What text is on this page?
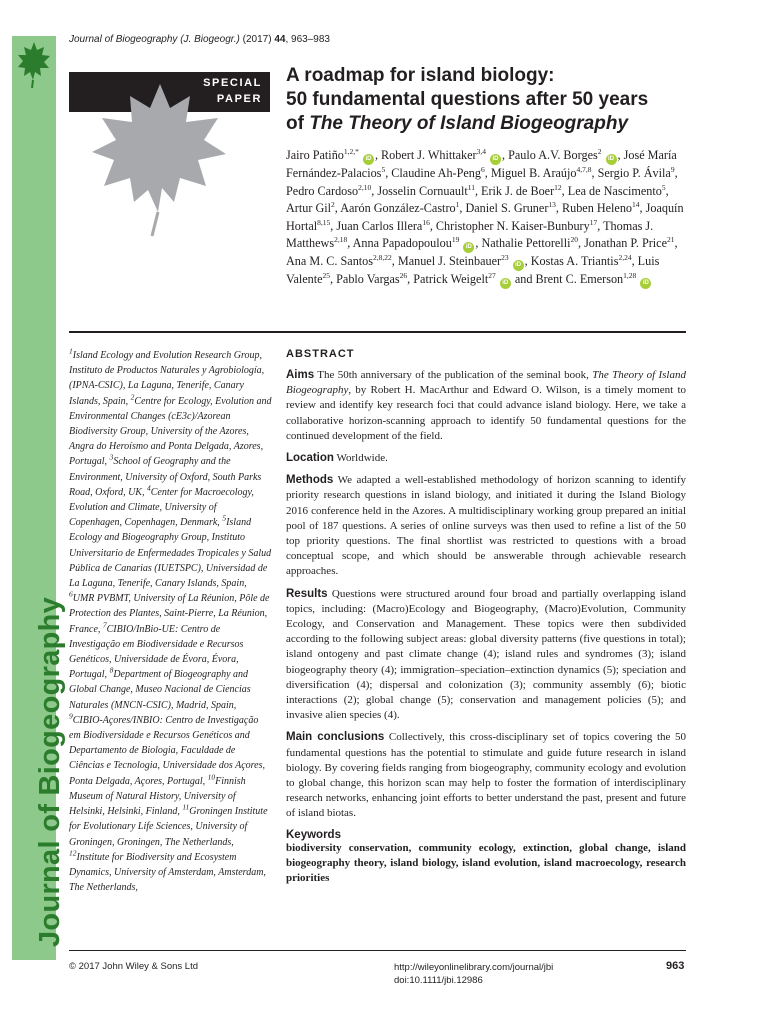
Journal of Biogeography
Journal of Biogeography (J. Biogeogr.) (2017) 44, 963–983
SPECIAL
PAPER
A roadmap for island biology:
50 fundamental questions after 50 years
of The Theory of Island Biogeography
Jairo Patiño$^{1,2,*}$ iD , Robert J. Whittaker$^{3,4}$ iD , Paulo A.V. Borges$^2$ iD , José María Fernández-Palacios$^5$, Claudine Ah-Peng$^6$, Miguel B. Araújo$^{4,7,8}$, Sergio P. Ávila$^9$, Pedro Cardoso$^{2,10}$, Josselin Cornuault$^{11}$, Erik J. de Boer$^{12}$, Lea de Nascimento$^5$, Artur Gil$^2$, Aarón González-Castro$^1$, Daniel S. Gruner$^{13}$, Ruben Heleno$^{14}$, Joaquín Hortal$^{8,15}$, Juan Carlos Illera$^{16}$, Christopher N. Kaiser-Bunbury$^{17}$, Thomas J. Matthews$^{2,18}$, Anna Papadopoulou$^{19}$ iD , Nathalie Pettorelli$^{20}$, Jonathan P. Price$^{21}$, Ana M. C. Santos$^{2,8,22}$, Manuel J. Steinbauer$^{23}$ iD , Kostas A. Triantis$^{2,24}$, Luis Valente$^{25}$, Pablo Vargas$^{26}$, Patrick Weigelt$^{27}$ iD and Brent C. Emerson$^{1,28}$ iD
$^1$Island Ecology and Evolution Research Group, Instituto de Productos Naturales y Agrobiología, (IPNA-CSIC), La Laguna, Tenerife, Canary Islands, Spain, $^2$Centre for Ecology, Evolution and Environmental Changes (cE3c)/Azorean Biodiversity Group, University of the Azores, Angra do Heroísmo and Ponta Delgada, Azores, Portugal, $^3$School of Geography and the Environment, University of Oxford, South Parks Road, Oxford, UK, $^4$Center for Macroecology, Evolution and Climate, University of Copenhagen, Copenhagen, Denmark, $^5$Island Ecology and Biogeography Group, Instituto Universitario de Enfermedades Tropicales y Salud Pública de Canarias (IUETSPC), Universidad de La Laguna, Tenerife, Canary Islands, Spain, $^6$UMR PVBMT, University of La Réunion, Pôle de Protection des Plantes, Saint-Pierre, La Réunion, France, $^7$CIBIO/InBio-UE: Centro de Investigação em Biodiversidade e Recursos Genéticos, Universidade de Évora, Évora, Portugal, $^8$Department of Biogeography and Global Change, Museo Nacional de Ciencias Naturales (MNCN-CSIC), Madrid, Spain, $^9$CIBIO-Açores/INBIO: Centro de Investigação em Biodiversidade e Recursos Genéticos and Departamento de Biologia, Faculdade de Ciências e Tecnologia, Universidade dos Açores, Ponta Delgada, Açores, Portugal, $^{10}$Finnish Museum of Natural History, University of Helsinki, Helsinki, Finland, $^{11}$Groningen Institute for Evolutionary Life Sciences, University of Groningen, Groningen, The Netherlands, $^{12}$Institute for Biodiversity and Ecosystem Dynamics, University of Amsterdam, Amsterdam, The Netherlands,
ABSTRACT

Aims The 50th anniversary of the publication of the seminal book, The Theory of Island Biogeography, by Robert H. MacArthur and Edward O. Wilson, is a timely moment to review and identify key research foci that could advance island biology. Here, we take a collaborative horizon-scanning approach to identify 50 fundamental questions for the continued development of the field.

Location Worldwide.

Methods We adapted a well-established methodology of horizon scanning to identify priority research questions in island biology, and initiated it during the Island Biology 2016 conference held in the Azores. A multidisciplinary working group prepared an initial pool of 187 questions. A series of online surveys was then used to refine a list of the 50 top priority questions. The final shortlist was restricted to questions with a broad conceptual scope, and which should be answerable through achievable research approaches.

Results Questions were structured around four broad and partially overlapping island topics, including: (Macro)Ecology and Biogeography, (Macro)Evolution, Community Ecology, and Conservation and Management. These topics were then subdivided according to the following subject areas: global diversity patterns (five questions in total); island ontogeny and past climate change (4); island rules and syndromes (3); island biogeography theory (4); immigration–speciation–extinction dynamics (5); speciation and diversification (4); dispersal and colonization (3); community assembly (6); biotic interactions (2); global change (5); conservation and management policies (5); and invasive alien species (4).

Main conclusions Collectively, this cross-disciplinary set of topics covering the 50 fundamental questions has the potential to stimulate and guide future research in island biology. By covering fields ranging from biogeography, community ecology and evolution to global change, this horizon scan may help to foster the formation of interdisciplinary research networks, enhancing joint efforts to better understand the past, present and future of island biotas.

Keywords
biodiversity conservation, community ecology, extinction, global change, island biogeography theory, island biology, island evolution, island macroecology, research priorities
© 2017 John Wiley & Sons Ltd	http://wileyonlinelibrary.com/journal/jbi
doi:10.1111/jbi.12986
963
